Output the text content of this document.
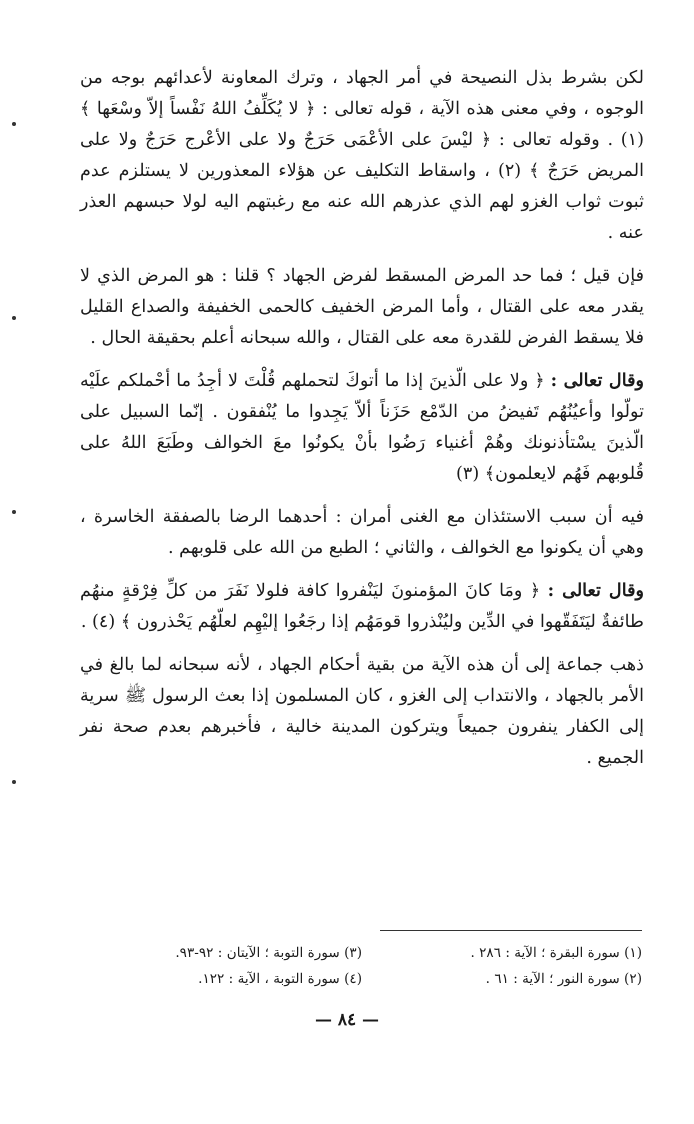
لكن بشرط بذل النصيحة في أمر الجهاد ، وترك المعاونة لأعدائهم بوجه من الوجوه ، وفي معنى هذه الآية ، قوله تعالى : ﴿ لا يُكَلِّفُ اللهُ نَفْساً إلاّ وسْعَها ﴾ (١) . وقوله تعالى : ﴿ ليْسَ على الأعْمَى حَرَجٌ ولا على الأعْرج حَرَجٌ ولا على المريض حَرَجٌ ﴾ (٢) ، واسقاط التكليف عن هؤلاء المعذورين لا يستلزم عدم ثبوت ثواب الغزو لهم الذي عذرهم الله عنه مع رغبتهم اليه لولا حبسهم العذر عنه .

فإن قيل ؛ فما حد المرض المسقط لفرض الجهاد ؟ قلنا : هو المرض الذي لا يقدر معه على القتال ، وأما المرض الخفيف كالحمى الخفيفة والصداع القليل فلا يسقط الفرض للقدرة معه على القتال ، والله سبحانه أعلم بحقيقة الحال .

وقال تعالى : ﴿ ولا على الّذينَ إذا ما أتوكَ لتحملهم قُلْتَ لا أجِدُ ما أحْملكم علَيْه تولّوا وأعيُنُهُم تَفيضُ من الدّمْع حَزَناً ألاّ يَجِدوا ما يُنْفقون . إنّما السبيل على الّذينَ يسْتأذنونك وهُمْ أغنياء رَضُوا بأنْ يكونُوا معَ الخوالف وطَبَعَ اللهُ على قُلوبهم فَهُم لايعلمون﴾ (٣)

فيه أن سبب الاستئذان مع الغنى أمران : أحدهما الرضا بالصفقة الخاسرة ، وهي أن يكونوا مع الخوالف ، والثاني ؛ الطبع من الله على قلوبهم .

وقال تعالى : ﴿ ومَا كانَ المؤمنونَ ليَنْفروا كافة فلولا نَفَرَ من كلِّ فِرْقةٍ منهُم طائفةٌ ليَتَفَقّهوا في الدِّين وليُنْذروا قومَهُم إذا رجَعُوا إليْهِم لعلّهُم يَحْذرون ﴾ (٤) .

ذهب جماعة إلى أن هذه الآية من بقية أحكام الجهاد ، لأنه سبحانه لما بالغ في الأمر بالجهاد ، والانتداب إلى الغزو ، كان المسلمون إذا بعث الرسول ﷺ سرية إلى الكفار ينفرون جميعاً ويتركون المدينة خالية ، فأخبرهم بعدم صحة نفر الجميع .

(١) سورة البقرة ؛ الآية : ٢٨٦ .
(٣) سورة التوبة ؛ الآيتان : ٩٢-٩٣.
(٢) سورة النور ؛ الآية : ٦١ .
(٤) سورة التوبة ، الآية : ١٢٢.
— ٨٤ —
